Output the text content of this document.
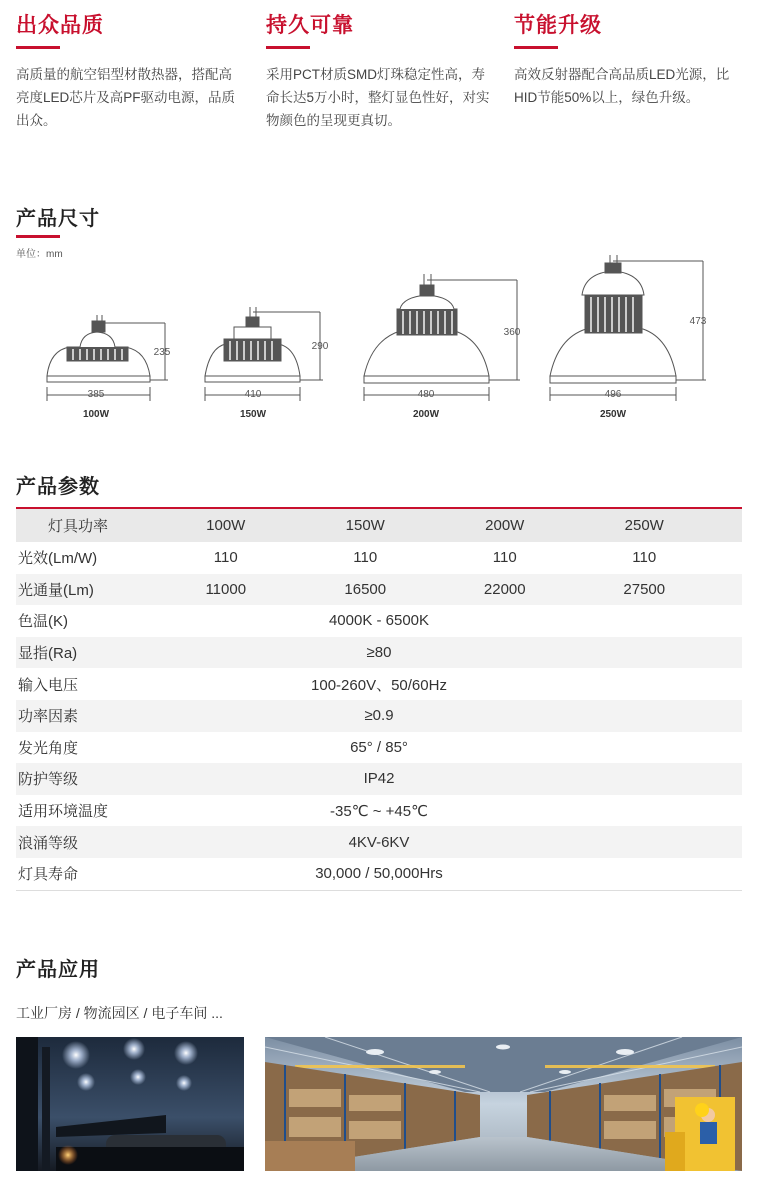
出众品质

高质量的航空铝型材散热器，搭配高亮度LED芯片及高PF驱动电源，品质出众。

持久可靠

采用PCT材质SMD灯珠稳定性高，寿命长达5万小时，整灯显色性好，对实物颜色的呈现更真切。

节能升级

高效反射器配合高品质LED光源，比HID节能50%以上，绿色升级。

产品尺寸
单位：mm
235
385
100W
290
410
150W
360
480
200W
473
496
250W
产品参数
灯具功率	100W	150W	200W	250W
光效(Lm/W)	110	110	110	110
光通量(Lm)	11000	16500	22000	27500
色温(K)	4000K - 6500K
显指(Ra)	≥80
输入电压	100-260V、50/60Hz
功率因素	≥0.9
发光角度	65° / 85°
防护等级	IP42
适用环境温度	-35℃ ~ +45℃
浪涌等级	4KV-6KV
灯具寿命	30,000 / 50,000Hrs
产品应用
工业厂房 / 物流园区 / 电子车间 ...
